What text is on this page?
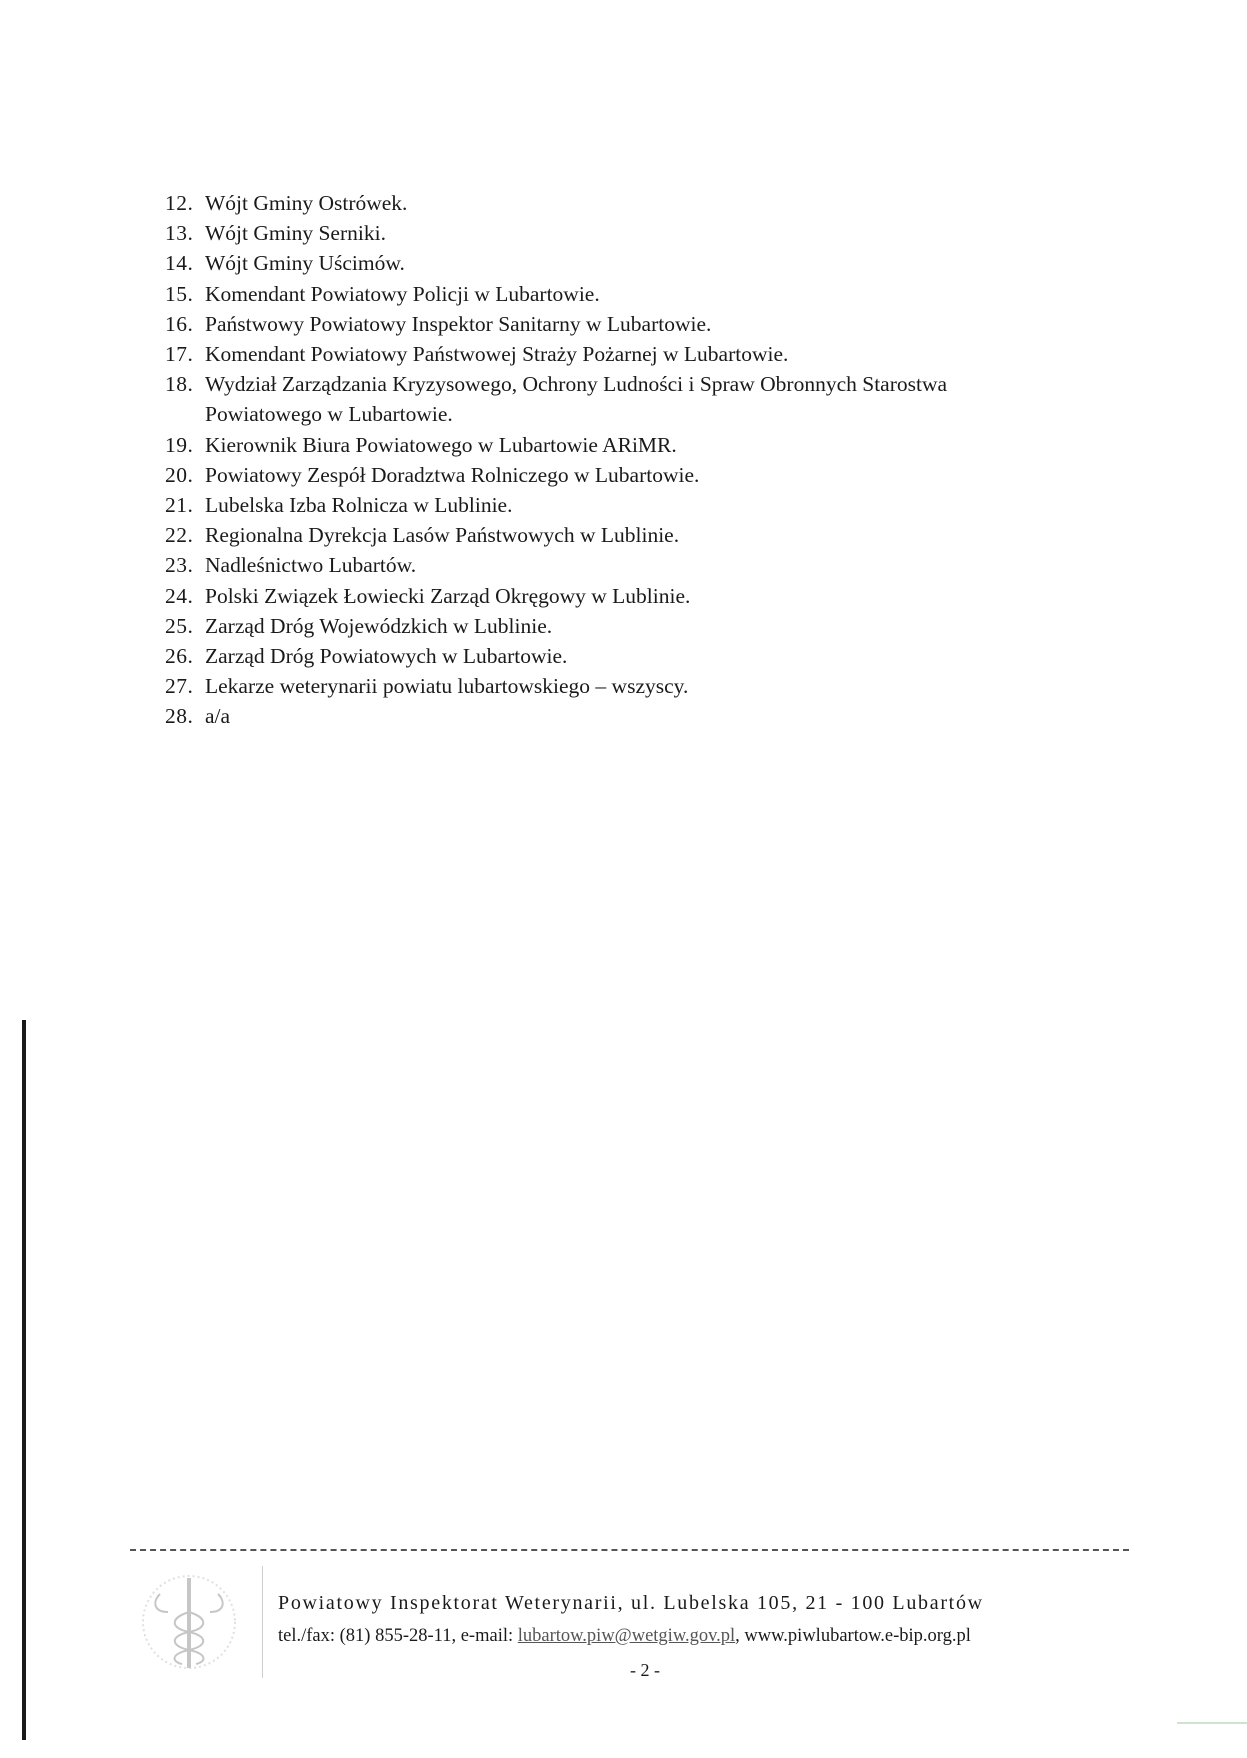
12. Wójt Gminy Ostrówek.
13. Wójt Gminy Serniki.
14. Wójt Gminy Uścimów.
15. Komendant Powiatowy Policji w Lubartowie.
16. Państwowy Powiatowy Inspektor Sanitarny w Lubartowie.
17. Komendant Powiatowy Państwowej Straży Pożarnej w Lubartowie.
18. Wydział Zarządzania Kryzysowego, Ochrony Ludności i Spraw Obronnych Starostwa Powiatowego w Lubartowie.
19. Kierownik Biura Powiatowego w Lubartowie ARiMR.
20. Powiatowy Zespół Doradztwa Rolniczego w Lubartowie.
21. Lubelska Izba Rolnicza w Lublinie.
22. Regionalna Dyrekcja Lasów Państwowych w Lublinie.
23. Nadleśnictwo Lubartów.
24. Polski Związek Łowiecki Zarząd Okręgowy w Lublinie.
25. Zarząd Dróg Wojewódzkich w Lublinie.
26. Zarząd Dróg Powiatowych w Lubartowie.
27. Lekarze weterynarii powiatu lubartowskiego – wszyscy.
28. a/a
Powiatowy Inspektorat Weterynarii, ul. Lubelska 105, 21 - 100 Lubartów
tel./fax: (81) 855-28-11, e-mail: lubartow.piw@wetgiw.gov.pl, www.piwlubartow.e-bip.org.pl
- 2 -
